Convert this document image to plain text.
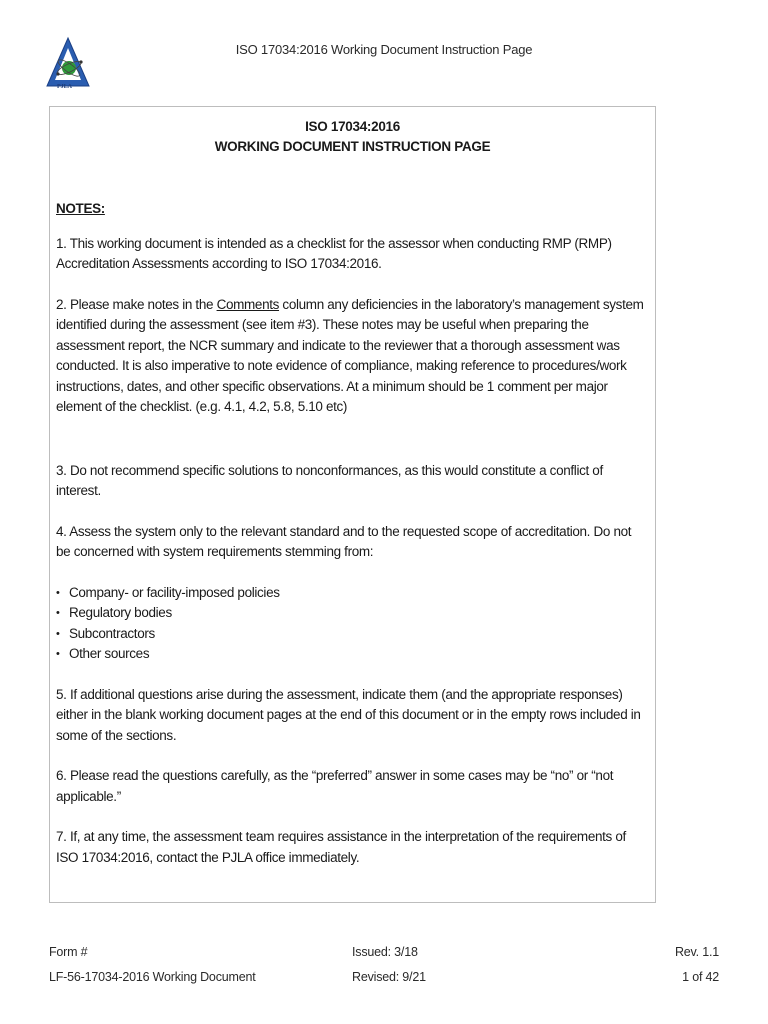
PJLA
ISO 17034:2016 Working Document Instruction Page
ISO 17034:2016
WORKING DOCUMENT INSTRUCTION PAGE
NOTES:

1. This working document is intended as a checklist for the assessor when conducting RMP (RMP) Accreditation Assessments according to ISO 17034:2016.

2. Please make notes in the Comments column any deficiencies in the laboratory’s management system identified during the assessment (see item #3). These notes may be useful when preparing the assessment report, the NCR summary and indicate to the reviewer that a thorough assessment was conducted. It is also imperative to note evidence of compliance, making reference to procedures/work instructions, dates, and other specific observations. At a minimum should be 1 comment per major element of the checklist. (e.g. 4.1, 4.2, 5.8, 5.10 etc)

3. Do not recommend specific solutions to nonconformances, as this would constitute a conflict of interest.

4. Assess the system only to the relevant standard and to the requested scope of accreditation. Do not be concerned with system requirements stemming from:

• Company- or facility-imposed policies
• Regulatory bodies
• Subcontractors
• Other sources

5. If additional questions arise during the assessment, indicate them (and the appropriate responses) either in the blank working document pages at the end of this document or in the empty rows included in some of the sections.

6. Please read the questions carefully, as the “preferred” answer in some cases may be “no” or “not applicable.”

7. If, at any time, the assessment team requires assistance in the interpretation of the requirements of ISO 17034:2016, contact the PJLA office immediately.

Form #
LF-56-17034-2016 Working Document
Issued: 3/18
Revised: 9/21
Rev. 1.1
1 of 42
